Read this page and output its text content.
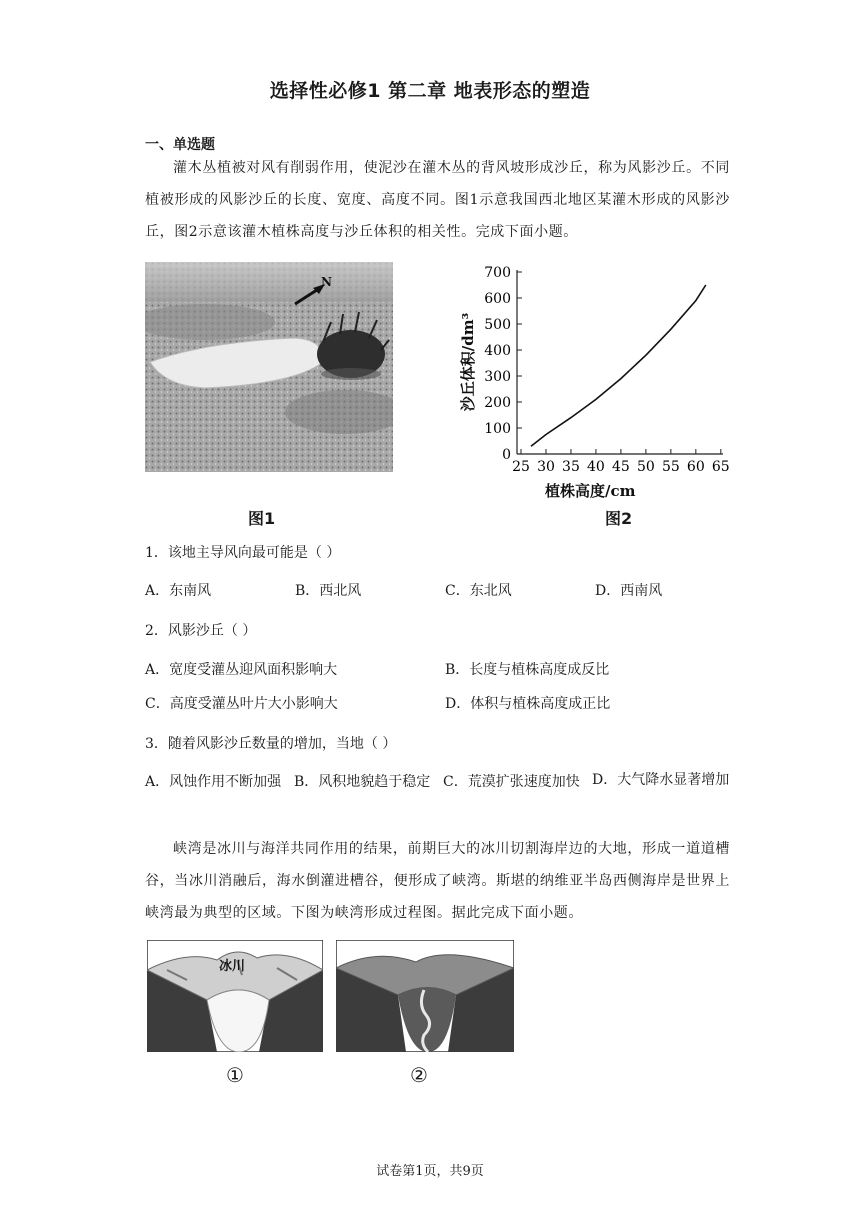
选择性必修1 第二章 地表形态的塑造
一、单选题
灌木丛植被对风有削弱作用，使泥沙在灌木丛的背风坡形成沙丘，称为风影沙丘。不同植被形成的风影沙丘的长度、宽度、高度不同。图1示意我国西北地区某灌木形成的风影沙丘，图2示意该灌木植株高度与沙丘体积的相关性。完成下面小题。
N
图1
0
100
200
300
400
500
600
700
25 30 35 40 45 50 55 60 65
植株高度/cm
沙丘体积/dm³
图2
1．该地主导风向最可能是（ ）
A．东南风	B．西北风	C．东北风	D．西南风
2．风影沙丘（ ）
A．宽度受灌丛迎风面积影响大	B．长度与植株高度成反比
C．高度受灌丛叶片大小影响大	D．体积与植株高度成正比
3．随着风影沙丘数量的增加，当地（ ）
A．风蚀作用不断加强 B．风积地貌趋于稳定 C．荒漠扩张速度加快 D．大气降水显著增加
峡湾是冰川与海洋共同作用的结果，前期巨大的冰川切割海岸边的大地，形成一道道槽谷，当冰川消融后，海水倒灌进槽谷，便形成了峡湾。斯堪的纳维亚半岛西侧海岸是世界上峡湾最为典型的区域。下图为峡湾形成过程图。据此完成下面小题。
冰川
①	②
试卷第1页，共9页
